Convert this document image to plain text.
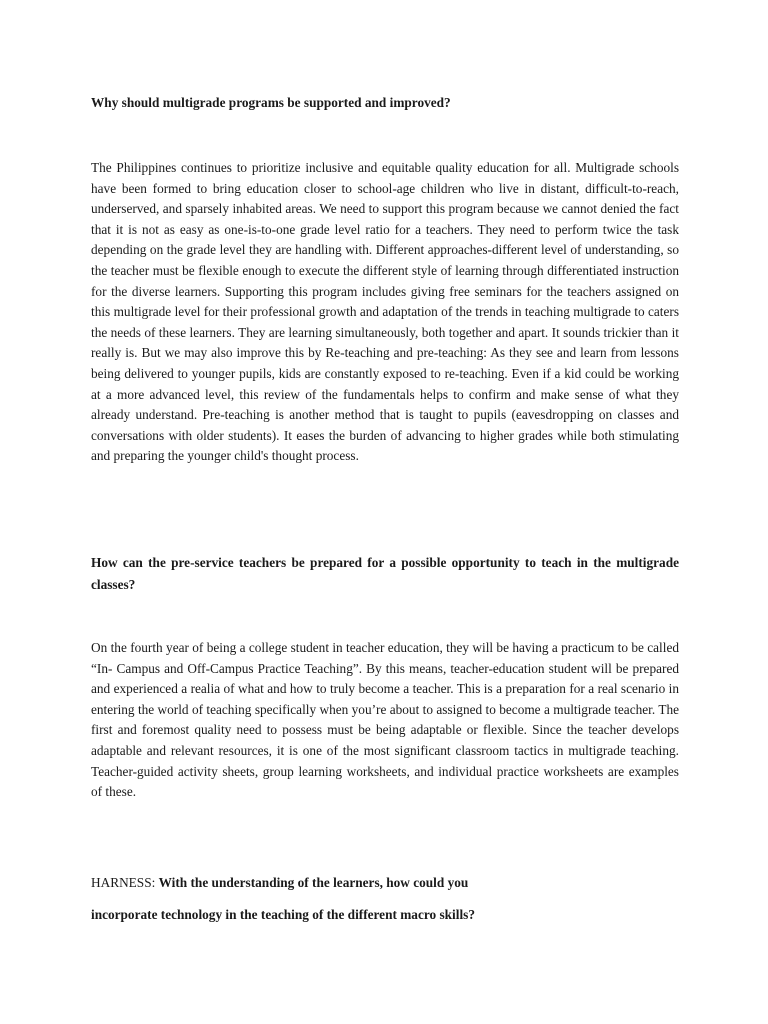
Why should multigrade programs be supported and improved?

The Philippines continues to prioritize inclusive and equitable quality education for all. Multigrade schools have been formed to bring education closer to school-age children who live in distant, difficult-to-reach, underserved, and sparsely inhabited areas. We need to support this program because we cannot denied the fact that it is not as easy as one-is-to-one grade level ratio for a teachers. They need to perform twice the task depending on the grade level they are handling with. Different approaches-different level of understanding, so the teacher must be flexible enough to execute the different style of learning through differentiated instruction for the diverse learners. Supporting this program includes giving free seminars for the teachers assigned on this multigrade level for their professional growth and adaptation of the trends in teaching multigrade to caters the needs of these learners. They are learning simultaneously, both together and apart. It sounds trickier than it really is. But we may also improve this by Re-teaching and pre-teaching: As they see and learn from lessons being delivered to younger pupils, kids are constantly exposed to re-teaching. Even if a kid could be working at a more advanced level, this review of the fundamentals helps to confirm and make sense of what they already understand. Pre-teaching is another method that is taught to pupils (eavesdropping on classes and conversations with older students). It eases the burden of advancing to higher grades while both stimulating and preparing the younger child's thought process.

How can the pre-service teachers be prepared for a possible opportunity to teach in the multigrade classes?

On the fourth year of being a college student in teacher education, they will be having a practicum to be called “In- Campus and Off-Campus Practice Teaching”. By this means, teacher-education student will be prepared and experienced a realia of what and how to truly become a teacher. This is a preparation for a real scenario in entering the world of teaching specifically when you’re about to assigned to become a multigrade teacher. The first and foremost quality need to possess must be being adaptable or flexible. Since the teacher develops adaptable and relevant resources, it is one of the most significant classroom tactics in multigrade teaching. Teacher-guided activity sheets, group learning worksheets, and individual practice worksheets are examples of these.

HARNESS: With the understanding of the learners, how could you

incorporate technology in the teaching of the different macro skills?
